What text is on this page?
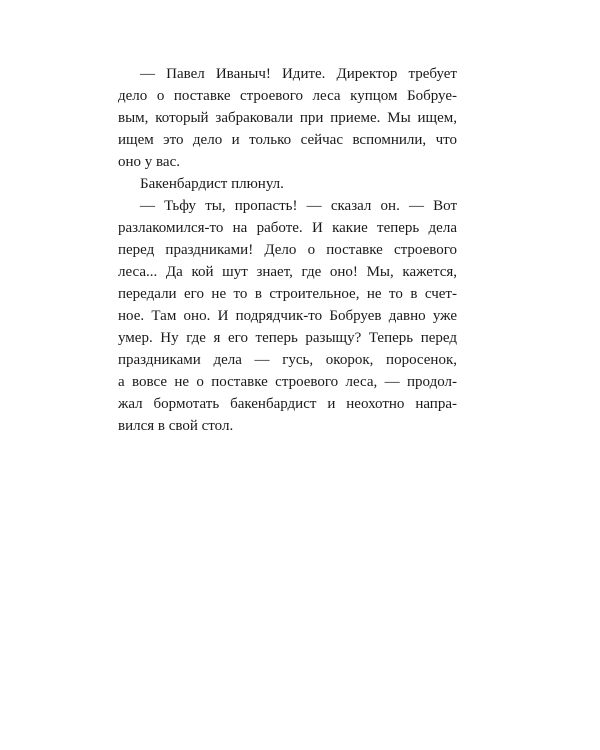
— Павел Иваныч! Идите. Директор требует
дело о поставке строевого леса купцом Бобруе-
вым, который забраковали при приеме. Мы ищем,
ищем это дело и только сейчас вспомнили, что
оно у вас.
Бакенбардист плюнул.
— Тьфу ты, пропасть! — сказал он. — Вот
разлакомился-то на работе. И какие теперь дела
перед праздниками! Дело о поставке строевого
леса... Да кой шут знает, где оно! Мы, кажется,
передали его не то в строительное, не то в счет-
ное. Там оно. И подрядчик-то Бобруев давно уже
умер. Ну где я его теперь разыщу? Теперь перед
праздниками дела — гусь, окорок, поросенок,
а вовсе не о поставке строевого леса, — продол-
жал бормотать бакенбардист и неохотно напра-
вился в свой стол.
